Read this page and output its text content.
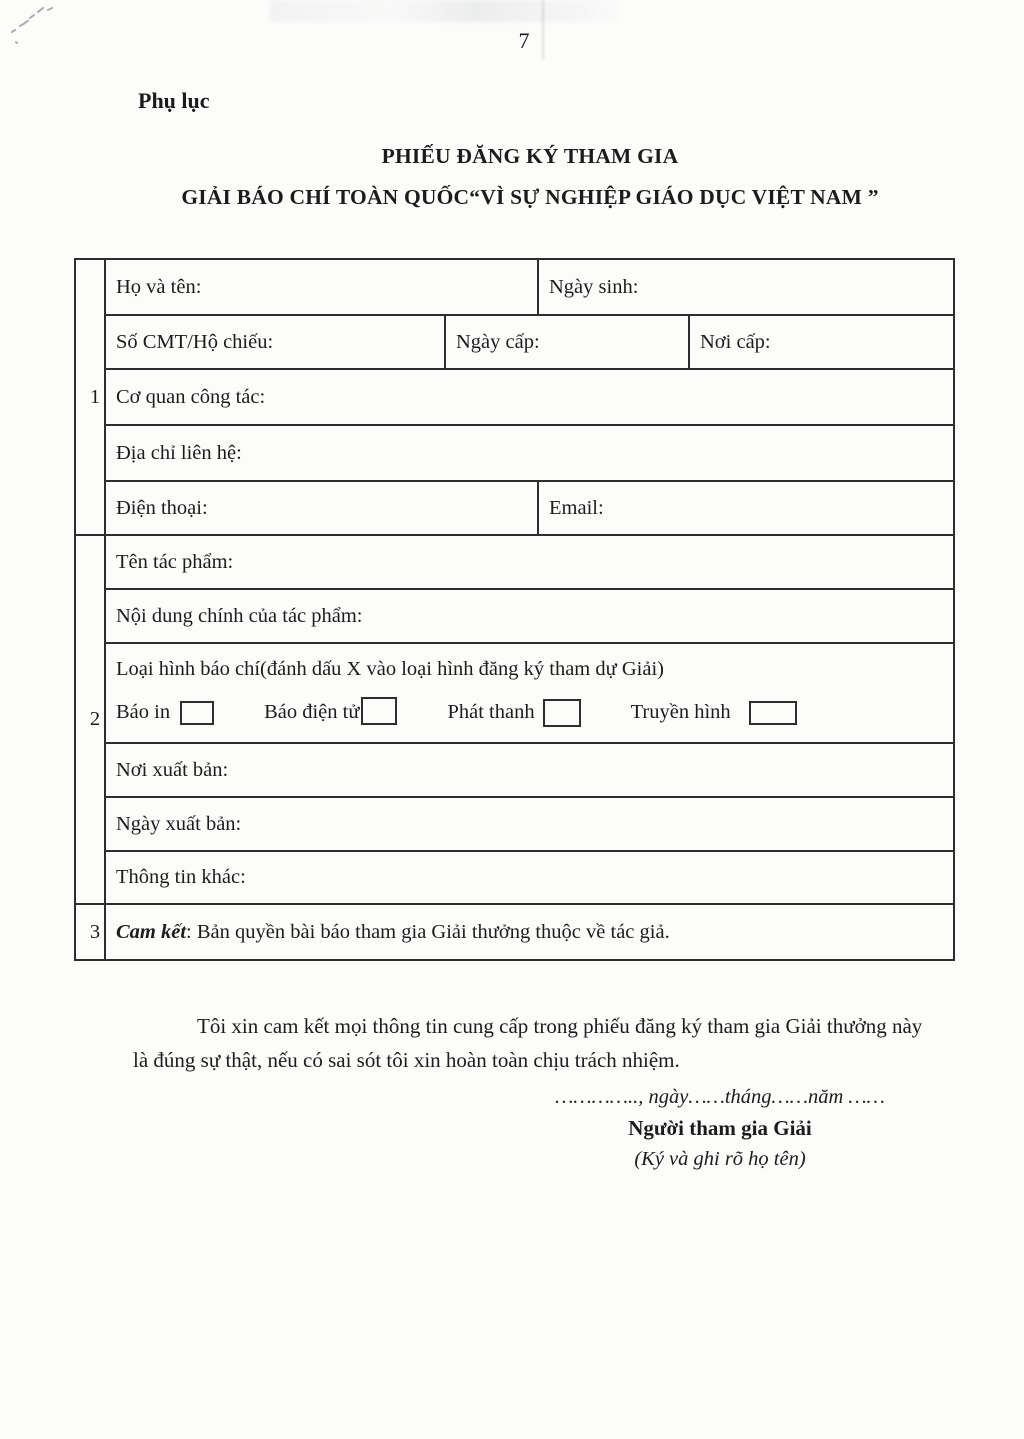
7
Phụ lục
PHIẾU ĐĂNG KÝ THAM GIA
GIẢI BÁO CHÍ TOÀN QUỐC“VÌ SỰ NGHIỆP GIÁO DỤC VIỆT NAM ”
1	Họ và tên:		Ngày sinh:	
	Số CMT/Hộ chiếu:	Ngày cấp:		Nơi cấp:
	Cơ quan công tác:			
	Địa chỉ liên hệ:			
	Điện thoại:		Email:	
2	Tên tác phẩm:			
	Nội dung chính của tác phẩm:			

	Loại hình báo chí(đánh dấu X vào loại hình đăng ký tham dự Giải)
Báo in Báo điện tử Phát thanh Truyền hình			

	Nơi xuất bản:			
	Ngày xuất bản:			
	Thông tin khác:			
3	Cam kết: Bản quyền bài báo tham gia Giải thưởng thuộc về tác giả.			

Tôi xin cam kết mọi thông tin cung cấp trong phiếu đăng ký tham gia Giải thưởng này là đúng sự thật, nếu có sai sót tôi xin hoàn toàn chịu trách nhiệm.

………….., ngày……tháng……năm ……
Người tham gia Giải
(Ký và ghi rõ họ tên)
